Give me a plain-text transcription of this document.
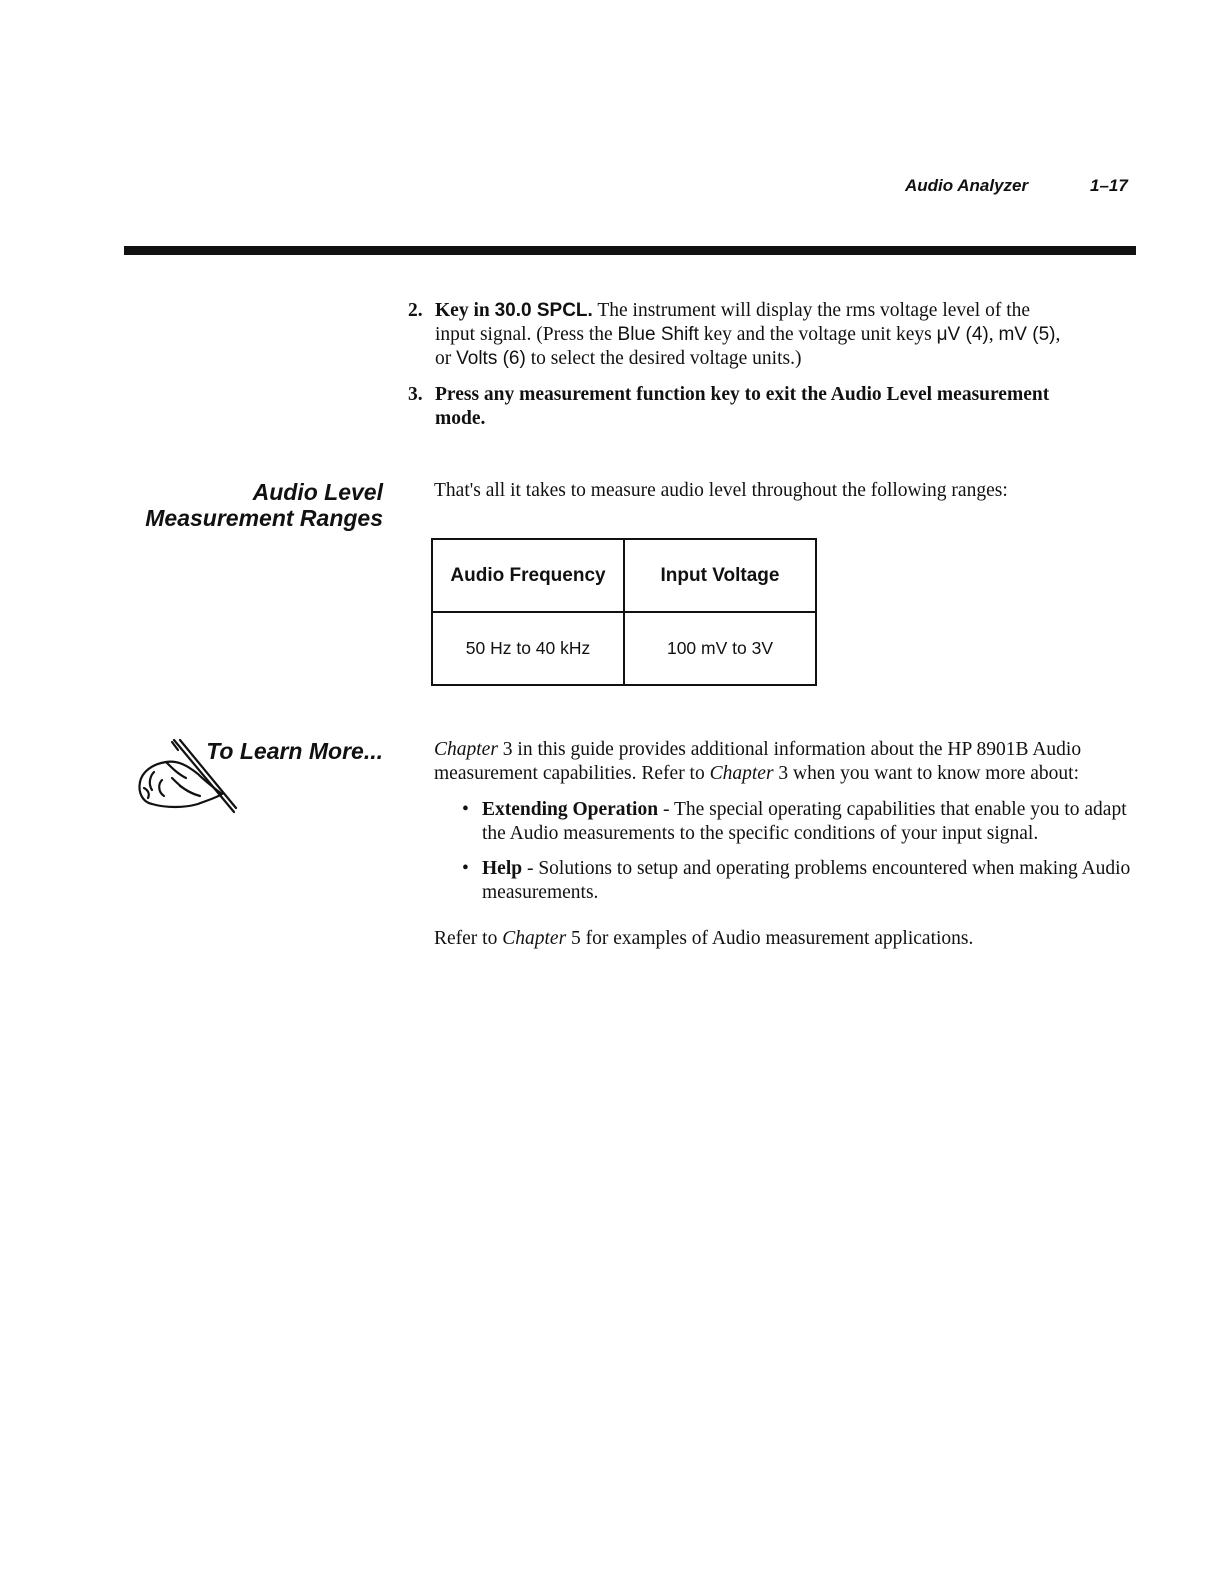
Audio Analyzer	1–17
2. Key in 30.0 SPCL. The instrument will display the rms voltage level of the input signal. (Press the Blue Shift key and the voltage unit keys μV (4), mV (5), or Volts (6) to select the desired voltage units.)
3. Press any measurement function key to exit the Audio Level measurement mode.
Audio Level
Measurement Ranges
That's all it takes to measure audio level throughout the following ranges:
Audio Frequency	Input Voltage
50 Hz to 40 kHz	100 mV to 3V
To Learn More...	Chapter 3 in this guide provides additional information about the HP 8901B Audio measurement capabilities. Refer to Chapter 3 when you want to know more about:

• Extending Operation - The special operating capabilities that enable you to adapt the Audio measurements to the specific conditions of your input signal.
• Help - Solutions to setup and operating problems encountered when making Audio measurements.

Refer to Chapter 5 for examples of Audio measurement applications.
